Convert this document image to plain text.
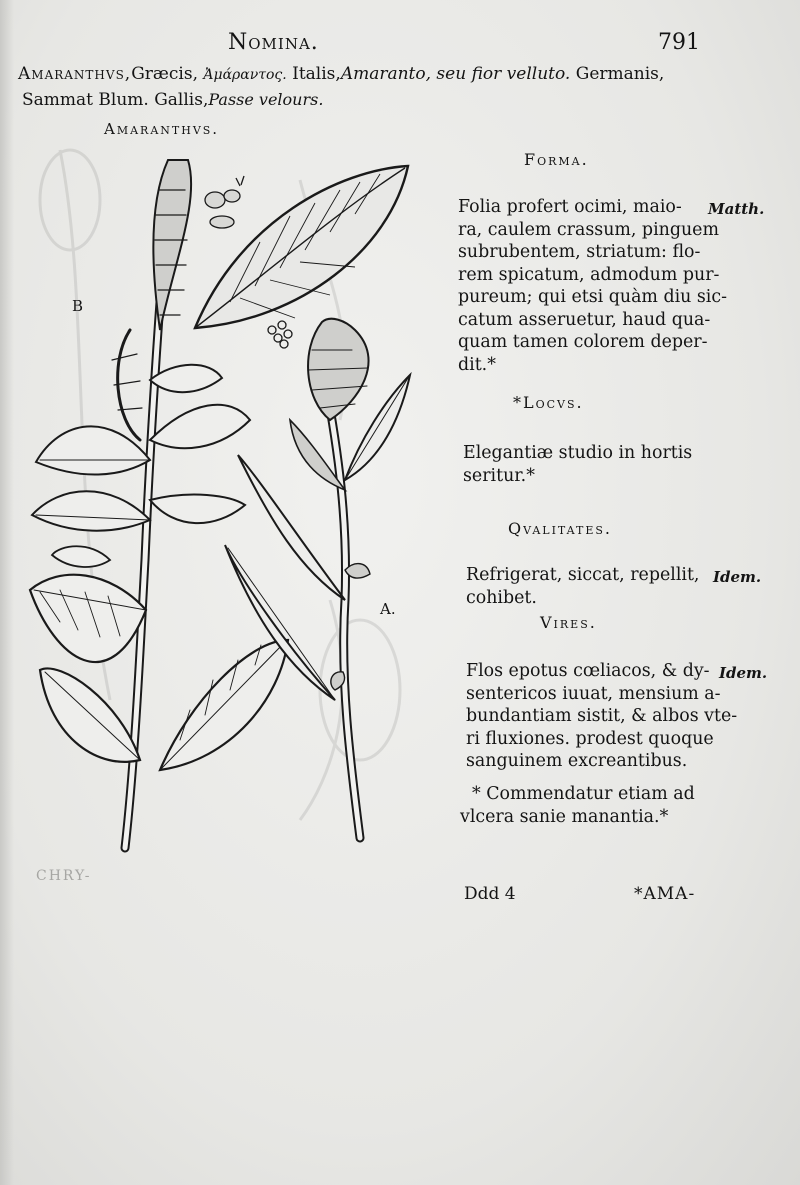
Nomina.	791
Amaranthvs,Græcis, Ἀμάραντος. Italis,Amaranto, seu fior velluto. Germanis,
Sammat Blum. Gallis,Passe velours.
Amaranthvs.
B
A.
Forma.
Matth.
Folia profert ocimi, maio-
ra, caulem crassum, pinguem
subrubentem, striatum: flo-
rem spicatum, admodum pur-
pureum; qui etsi quàm diu sic-
catum asseruetur, haud qua-
quam tamen colorem deper-
dit.*
*Locvs.
Elegantiæ studio in hortis
seritur.*
Qvalitates.
Idem.
Refrigerat, siccat, repellit,
cohibet.
Vires.
Idem.
Flos epotus cœliacos, & dy-
sentericos iuuat, mensium a-
bundantiam sistit, & albos vte-
ri fluxiones. prodest quoque
sanguinem excreantibus.
* Commendatur etiam ad
vlcera sanie manantia.*
Ddd 4	*AMA-
CHRY-
